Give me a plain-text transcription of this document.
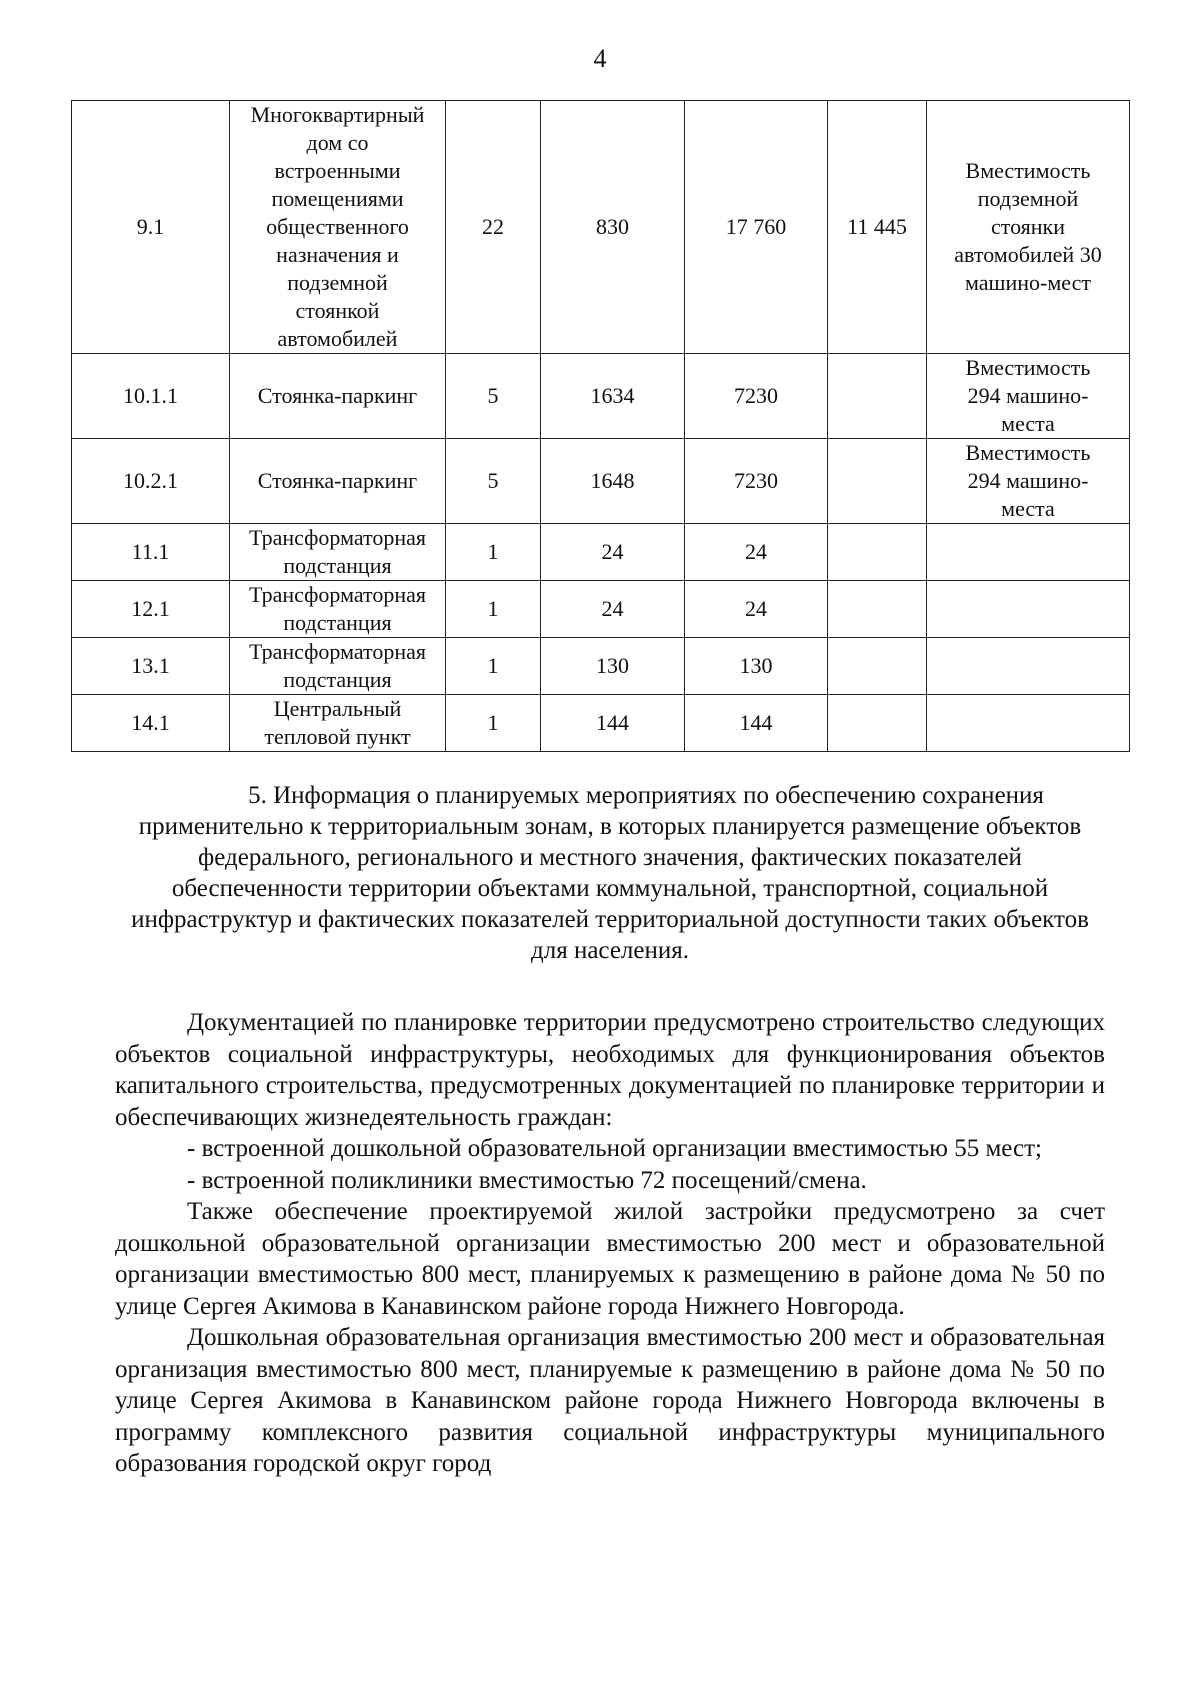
4
9.1	Многоквартирный дом со встроенными помещениями общественного назначения и подземной стоянкой автомобилей	22	830	17 760	11 445	Вместимость подземной стоянки автомобилей 30 машино-мест
10.1.1	Стоянка-паркинг	5	1634	7230		Вместимость 294 машино-места
10.2.1	Стоянка-паркинг	5	1648	7230		Вместимость 294 машино-места
11.1	Трансформаторная подстанция	1	24	24		
12.1	Трансформаторная подстанция	1	24	24		
13.1	Трансформаторная подстанция	1	130	130		
14.1	Центральный тепловой пункт	1	144	144		

5. Информация о планируемых мероприятиях по обеспечению сохранения применительно к территориальным зонам, в которых планируется размещение объектов федерального, регионального и местного значения, фактических показателей обеспеченности территории объектами коммунальной, транспортной, социальной инфраструктур и фактических показателей территориальной доступности таких объектов для населения.

Документацией по планировке территории предусмотрено строительство следующих объектов социальной инфраструктуры, необходимых для функционирования объектов капитального строительства, предусмотренных документацией по планировке территории и обеспечивающих жизнедеятельность граждан:

- встроенной дошкольной образовательной организации вместимостью 55 мест;

- встроенной поликлиники вместимостью 72 посещений/смена.

Также обеспечение проектируемой жилой застройки предусмотрено за счет дошкольной образовательной организации вместимостью 200 мест и образовательной организации вместимостью 800 мест, планируемых к размещению в районе дома № 50 по улице Сергея Акимова в Канавинском районе города Нижнего Новгорода.

Дошкольная образовательная организация вместимостью 200 мест и образовательная организация вместимостью 800 мест, планируемые к размещению в районе дома № 50 по улице Сергея Акимова в Канавинском районе города Нижнего Новгорода включены в программу комплексного развития социальной инфраструктуры муниципального образования городской округ город
